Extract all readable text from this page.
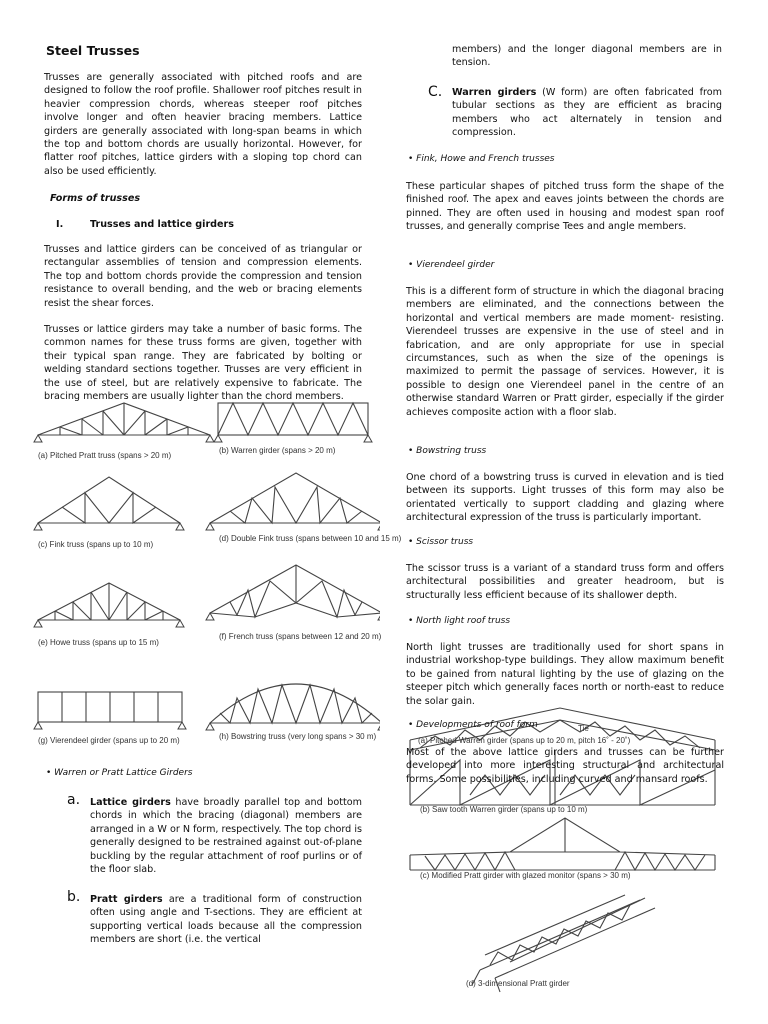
Steel Trusses

Trusses are generally associated with pitched roofs and are designed to follow the roof profile. Shallower roof pitches result in heavier compression chords, whereas steeper roof pitches involve longer and often heavier bracing members. Lattice girders are generally associated with long-span beams in which the top and bottom chords are usually horizontal. However, for flatter roof pitches, lattice girders with a sloping top chord can also be used efficiently.

Forms of trusses
I.	Trusses and lattice girders

Trusses and lattice girders can be conceived of as triangular or rectangular assemblies of tension and compression elements. The top and bottom chords provide the compression and tension resistance to overall bending, and the web or bracing elements resist the shear forces.

Trusses or lattice girders may take a number of basic forms. The common names for these truss forms are given, together with their typical span range. They are fabricated by bolting or welding standard sections together. Trusses are very efficient in the use of steel, but are relatively expensive to fabricate. The bracing members are usually lighter than the chord members.

(a) Pitched Pratt truss (spans > 20 m)
(b) Warren girder (spans > 20 m)
(c) Fink truss (spans up to 10 m)
(d) Double Fink truss (spans between 10 and 15 m)
(e) Howe truss (spans up to 15 m)
(f) French truss (spans between 12 and 20 m)
(g) Vierendeel girder (spans up to 20 m)	(h) Bowstring truss (very long spans > 30 m)
• Warren or Pratt Lattice Girders
a. Lattice girders have broadly parallel top and bottom chords in which the bracing (diagonal) members are arranged in a W or N form, respectively. The top chord is generally designed to be restrained against out-of-plane buckling by the regular attachment of roof purlins or of the floor slab.

b. Pratt girders are a traditional form of construction often using angle and T-sections. They are efficient at supporting vertical loads because all the compression members are short (i.e. the vertical

members) and the longer diagonal members are in tension.

C. Warren girders (W form) are often fabricated from tubular sections as they are efficient as bracing members who act alternately in tension and compression.

• Fink, Howe and French trusses

These particular shapes of pitched truss form the shape of the finished roof. The apex and eaves joints between the chords are pinned. They are often used in housing and modest span roof trusses, and generally comprise Tees and angle members.

• Vierendeel girder

This is a different form of structure in which the diagonal bracing members are eliminated, and the connections between the horizontal and vertical members are made moment- resisting. Vierendeel trusses are expensive in the use of steel and in fabrication, and are only appropriate for use in special circumstances, such as when the size of the openings is maximized to permit the passage of services. However, it is possible to design one Vierendeel panel in the centre of an otherwise standard Warren or Pratt girder, especially if the girder achieves composite action with a floor slab.

• Bowstring truss

One chord of a bowstring truss is curved in elevation and is tied between its supports. Light trusses of this form may also be orientated vertically to support cladding and glazing where architectural expression of the truss is particularly important.

• Scissor truss

The scissor truss is a variant of a standard truss form and offers architectural possibilities and greater headroom, but is structurally less efficient because of its shallower depth.

• North light roof truss

North light trusses are traditionally used for short spans in industrial workshop-type buildings. They allow maximum benefit to be gained from natural lighting by the use of glazing on the steeper pitch which generally faces north or north-east to reduce the solar gain.

Tie
(a) Pitched Warren girder (spans up to 20 m, pitch 16˚ - 20˚)
(b) Saw tooth Warren girder (spans up to 10 m)
(c) Modified Pratt girder with glazed monitor (spans > 30 m)
(d) 3-dimensional Pratt girder
• Developments of roof form

Most of the above lattice girders and trusses can be further developed into more interesting structural and architectural forms. Some possibilities, including curved and mansard roofs.
